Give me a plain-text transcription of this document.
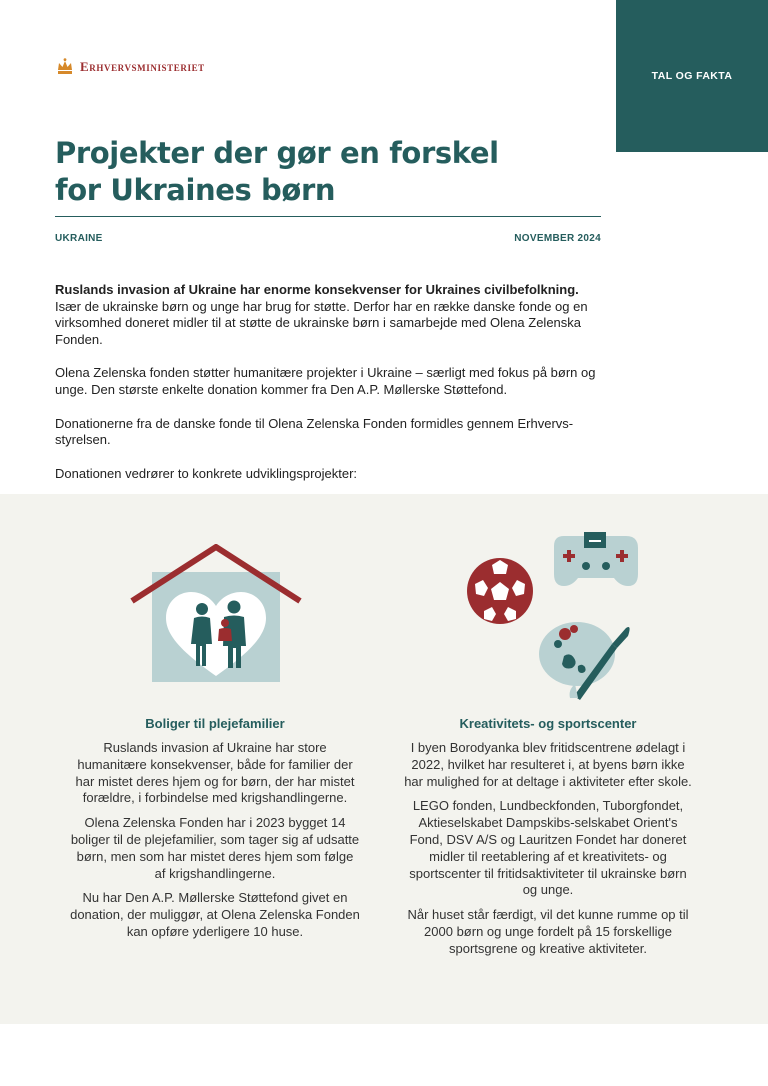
TAL OG FAKTA
Erhvervsministeriet
Projekter der gør en forskel
for Ukraines børn
UKRAINE	NOVEMBER 2024

Ruslands invasion af Ukraine har enorme konsekvenser for Ukraines civilbefolkning.
Især de ukrainske børn og unge har brug for støtte. Derfor har en række danske fonde og en virksomhed doneret midler til at støtte de ukrainske børn i samarbejde med Olena Zelenska Fonden.

Olena Zelenska fonden støtter humanitære projekter i Ukraine – særligt med fokus på børn og unge. Den største enkelte donation kommer fra Den A.P. Møllerske Støttefond.

Donationerne fra de danske fonde til Olena Zelenska Fonden formidles gennem Erhvervs-styrelsen.

Donationen vedrører to konkrete udviklingsprojekter:

Boliger til plejefamilier

Ruslands invasion af Ukraine har store humanitære konsekvenser, både for familier der har mistet deres hjem og for børn, der har mistet forældre, i forbindelse med krigshandlingerne.

Olena Zelenska Fonden har i 2023 bygget 14 boliger til de plejefamilier, som tager sig af udsatte børn, men som har mistet deres hjem som følge af krigshandlingerne.

Nu har Den A.P. Møllerske Støttefond givet en donation, der muliggør, at Olena Zelenska Fonden kan opføre yderligere 10 huse.

Kreativitets- og sportscenter

I byen Borodyanka blev fritidscentrene ødelagt i 2022, hvilket har resulteret i, at byens børn ikke har mulighed for at deltage i aktiviteter efter skole.

LEGO fonden, Lundbeckfonden, Tuborgfondet, Aktieselskabet Dampskibs-selskabet Orient's Fond, DSV A/S og Lauritzen Fondet har doneret midler til reetablering af et kreativitets- og sportscenter til fritidsaktiviteter til ukrainske børn og unge.

Når huset står færdigt, vil det kunne rumme op til 2000 børn og unge fordelt på 15 forskellige sportsgrene og kreative aktiviteter.
